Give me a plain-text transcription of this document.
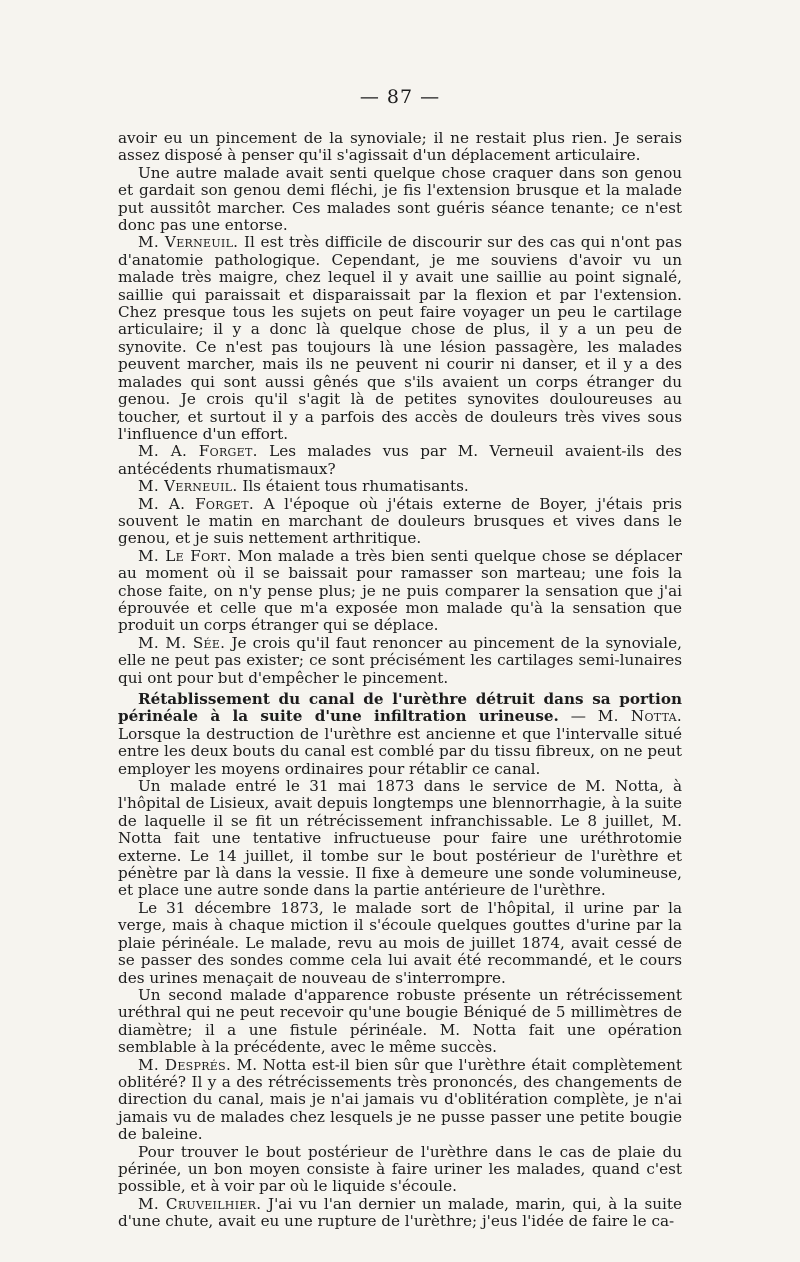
— 87 —

avoir eu un pincement de la synoviale; il ne restait plus rien. Je serais assez disposé à penser qu'il s'agissait d'un déplacement articulaire.

Une autre malade avait senti quelque chose craquer dans son genou et gardait son genou demi fléchi, je fis l'extension brusque et la malade put aussitôt marcher. Ces malades sont guéris séance tenante; ce n'est donc pas une entorse.

M. Verneuil. Il est très difficile de discourir sur des cas qui n'ont pas d'anatomie pathologique. Cependant, je me souviens d'avoir vu un malade très maigre, chez lequel il y avait une saillie au point signalé, saillie qui paraissait et disparaissait par la flexion et par l'extension. Chez presque tous les sujets on peut faire voyager un peu le cartilage articulaire; il y a donc là quelque chose de plus, il y a un peu de synovite. Ce n'est pas toujours là une lésion passagère, les malades peuvent marcher, mais ils ne peuvent ni courir ni danser, et il y a des malades qui sont aussi gênés que s'ils avaient un corps étranger du genou. Je crois qu'il s'agit là de petites synovites douloureuses au toucher, et surtout il y a parfois des accès de douleurs très vives sous l'influence d'un effort.

M. A. Forget. Les malades vus par M. Verneuil avaient-ils des antécédents rhumatismaux?

M. Verneuil. Ils étaient tous rhumatisants.

M. A. Forget. A l'époque où j'étais externe de Boyer, j'étais pris souvent le matin en marchant de douleurs brusques et vives dans le genou, et je suis nettement arthritique.

M. Le Fort. Mon malade a très bien senti quelque chose se déplacer au moment où il se baissait pour ramasser son marteau; une fois la chose faite, on n'y pense plus; je ne puis comparer la sensation que j'ai éprouvée et celle que m'a exposée mon malade qu'à la sensation que produit un corps étranger qui se déplace.

M. M. Sée. Je crois qu'il faut renoncer au pincement de la synoviale, elle ne peut pas exister; ce sont précisément les cartilages semi-lunaires qui ont pour but d'empêcher le pincement.

Rétablissement du canal de l'urèthre détruit dans sa portion périnéale à la suite d'une infiltration urineuse. — M. Notta. Lorsque la destruction de l'urèthre est ancienne et que l'intervalle situé entre les deux bouts du canal est comblé par du tissu fibreux, on ne peut employer les moyens ordinaires pour rétablir ce canal.

Un malade entré le 31 mai 1873 dans le service de M. Notta, à l'hôpital de Lisieux, avait depuis longtemps une blennorrhagie, à la suite de laquelle il se fit un rétrécissement infranchissable. Le 8 juillet, M. Notta fait une tentative infructueuse pour faire une uréthrotomie externe. Le 14 juillet, il tombe sur le bout postérieur de l'urèthre et pénètre par là dans la vessie. Il fixe à demeure une sonde volumineuse, et place une autre sonde dans la partie antérieure de l'urèthre.

Le 31 décembre 1873, le malade sort de l'hôpital, il urine par la verge, mais à chaque miction il s'écoule quelques gouttes d'urine par la plaie périnéale. Le malade, revu au mois de juillet 1874, avait cessé de se passer des sondes comme cela lui avait été recommandé, et le cours des urines menaçait de nouveau de s'interrompre.

Un second malade d'apparence robuste présente un rétrécissement uréthral qui ne peut recevoir qu'une bougie Béniqué de 5 millimètres de diamètre; il a une fistule périnéale. M. Notta fait une opération semblable à la précédente, avec le même succès.

M. Després. M. Notta est-il bien sûr que l'urèthre était complètement oblitéré? Il y a des rétrécissements très prononcés, des changements de direction du canal, mais je n'ai jamais vu d'oblitération complète, je n'ai jamais vu de malades chez lesquels je ne pusse passer une petite bougie de baleine.

Pour trouver le bout postérieur de l'urèthre dans le cas de plaie du périnée, un bon moyen consiste à faire uriner les malades, quand c'est possible, et à voir par où le liquide s'écoule.

M. Cruveilhier. J'ai vu l'an dernier un malade, marin, qui, à la suite d'une chute, avait eu une rupture de l'urèthre; j'eus l'idée de faire le ca-
